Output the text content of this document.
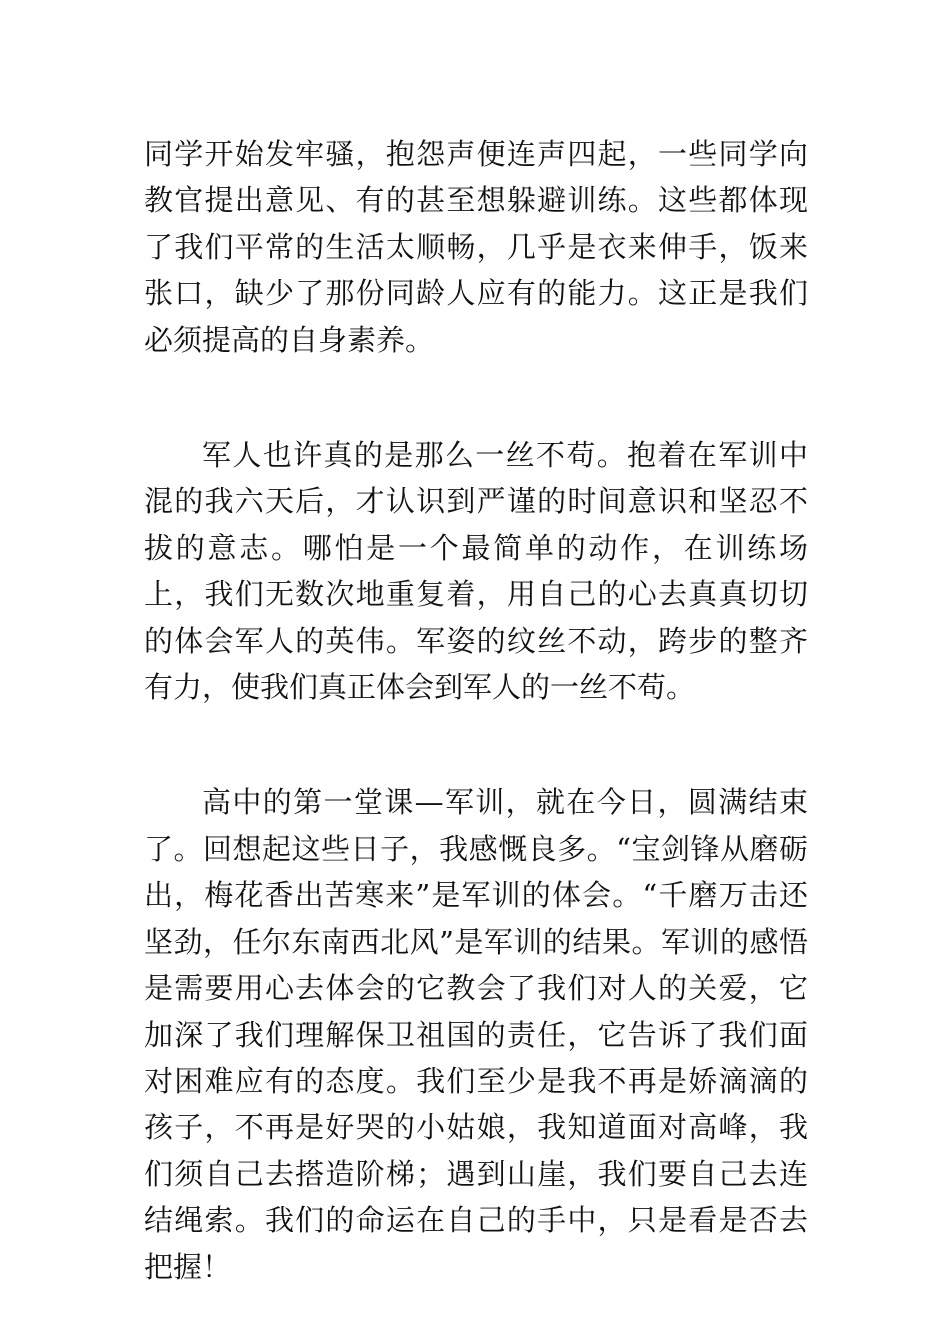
同学开始发牢骚，抱怨声便连声四起，一些同学向教官提出意见、有的甚至想躲避训练。这些都体现了我们平常的生活太顺畅，几乎是衣来伸手，饭来张口，缺少了那份同龄人应有的能力。这正是我们必须提高的自身素养。

军人也许真的是那么一丝不苟。抱着在军训中混的我六天后，才认识到严谨的时间意识和坚忍不拔的意志。哪怕是一个最简单的动作，在训练场上，我们无数次地重复着，用自己的心去真真切切的体会军人的英伟。军姿的纹丝不动，跨步的整齐有力，使我们真正体会到军人的一丝不苟。

高中的第一堂课—军训，就在今日，圆满结束了。回想起这些日子，我感慨良多。“宝剑锋从磨砺出，梅花香出苦寒来”是军训的体会。“千磨万击还坚劲，任尔东南西北风”是军训的结果。军训的感悟是需要用心去体会的它教会了我们对人的关爱，它加深了我们理解保卫祖国的责任，它告诉了我们面对困难应有的态度。我们至少是我不再是娇滴滴的孩子，不再是好哭的小姑娘，我知道面对高峰，我们须自己去搭造阶梯；遇到山崖，我们要自己去连结绳索。我们的命运在自己的手中，只是看是否去把握！
